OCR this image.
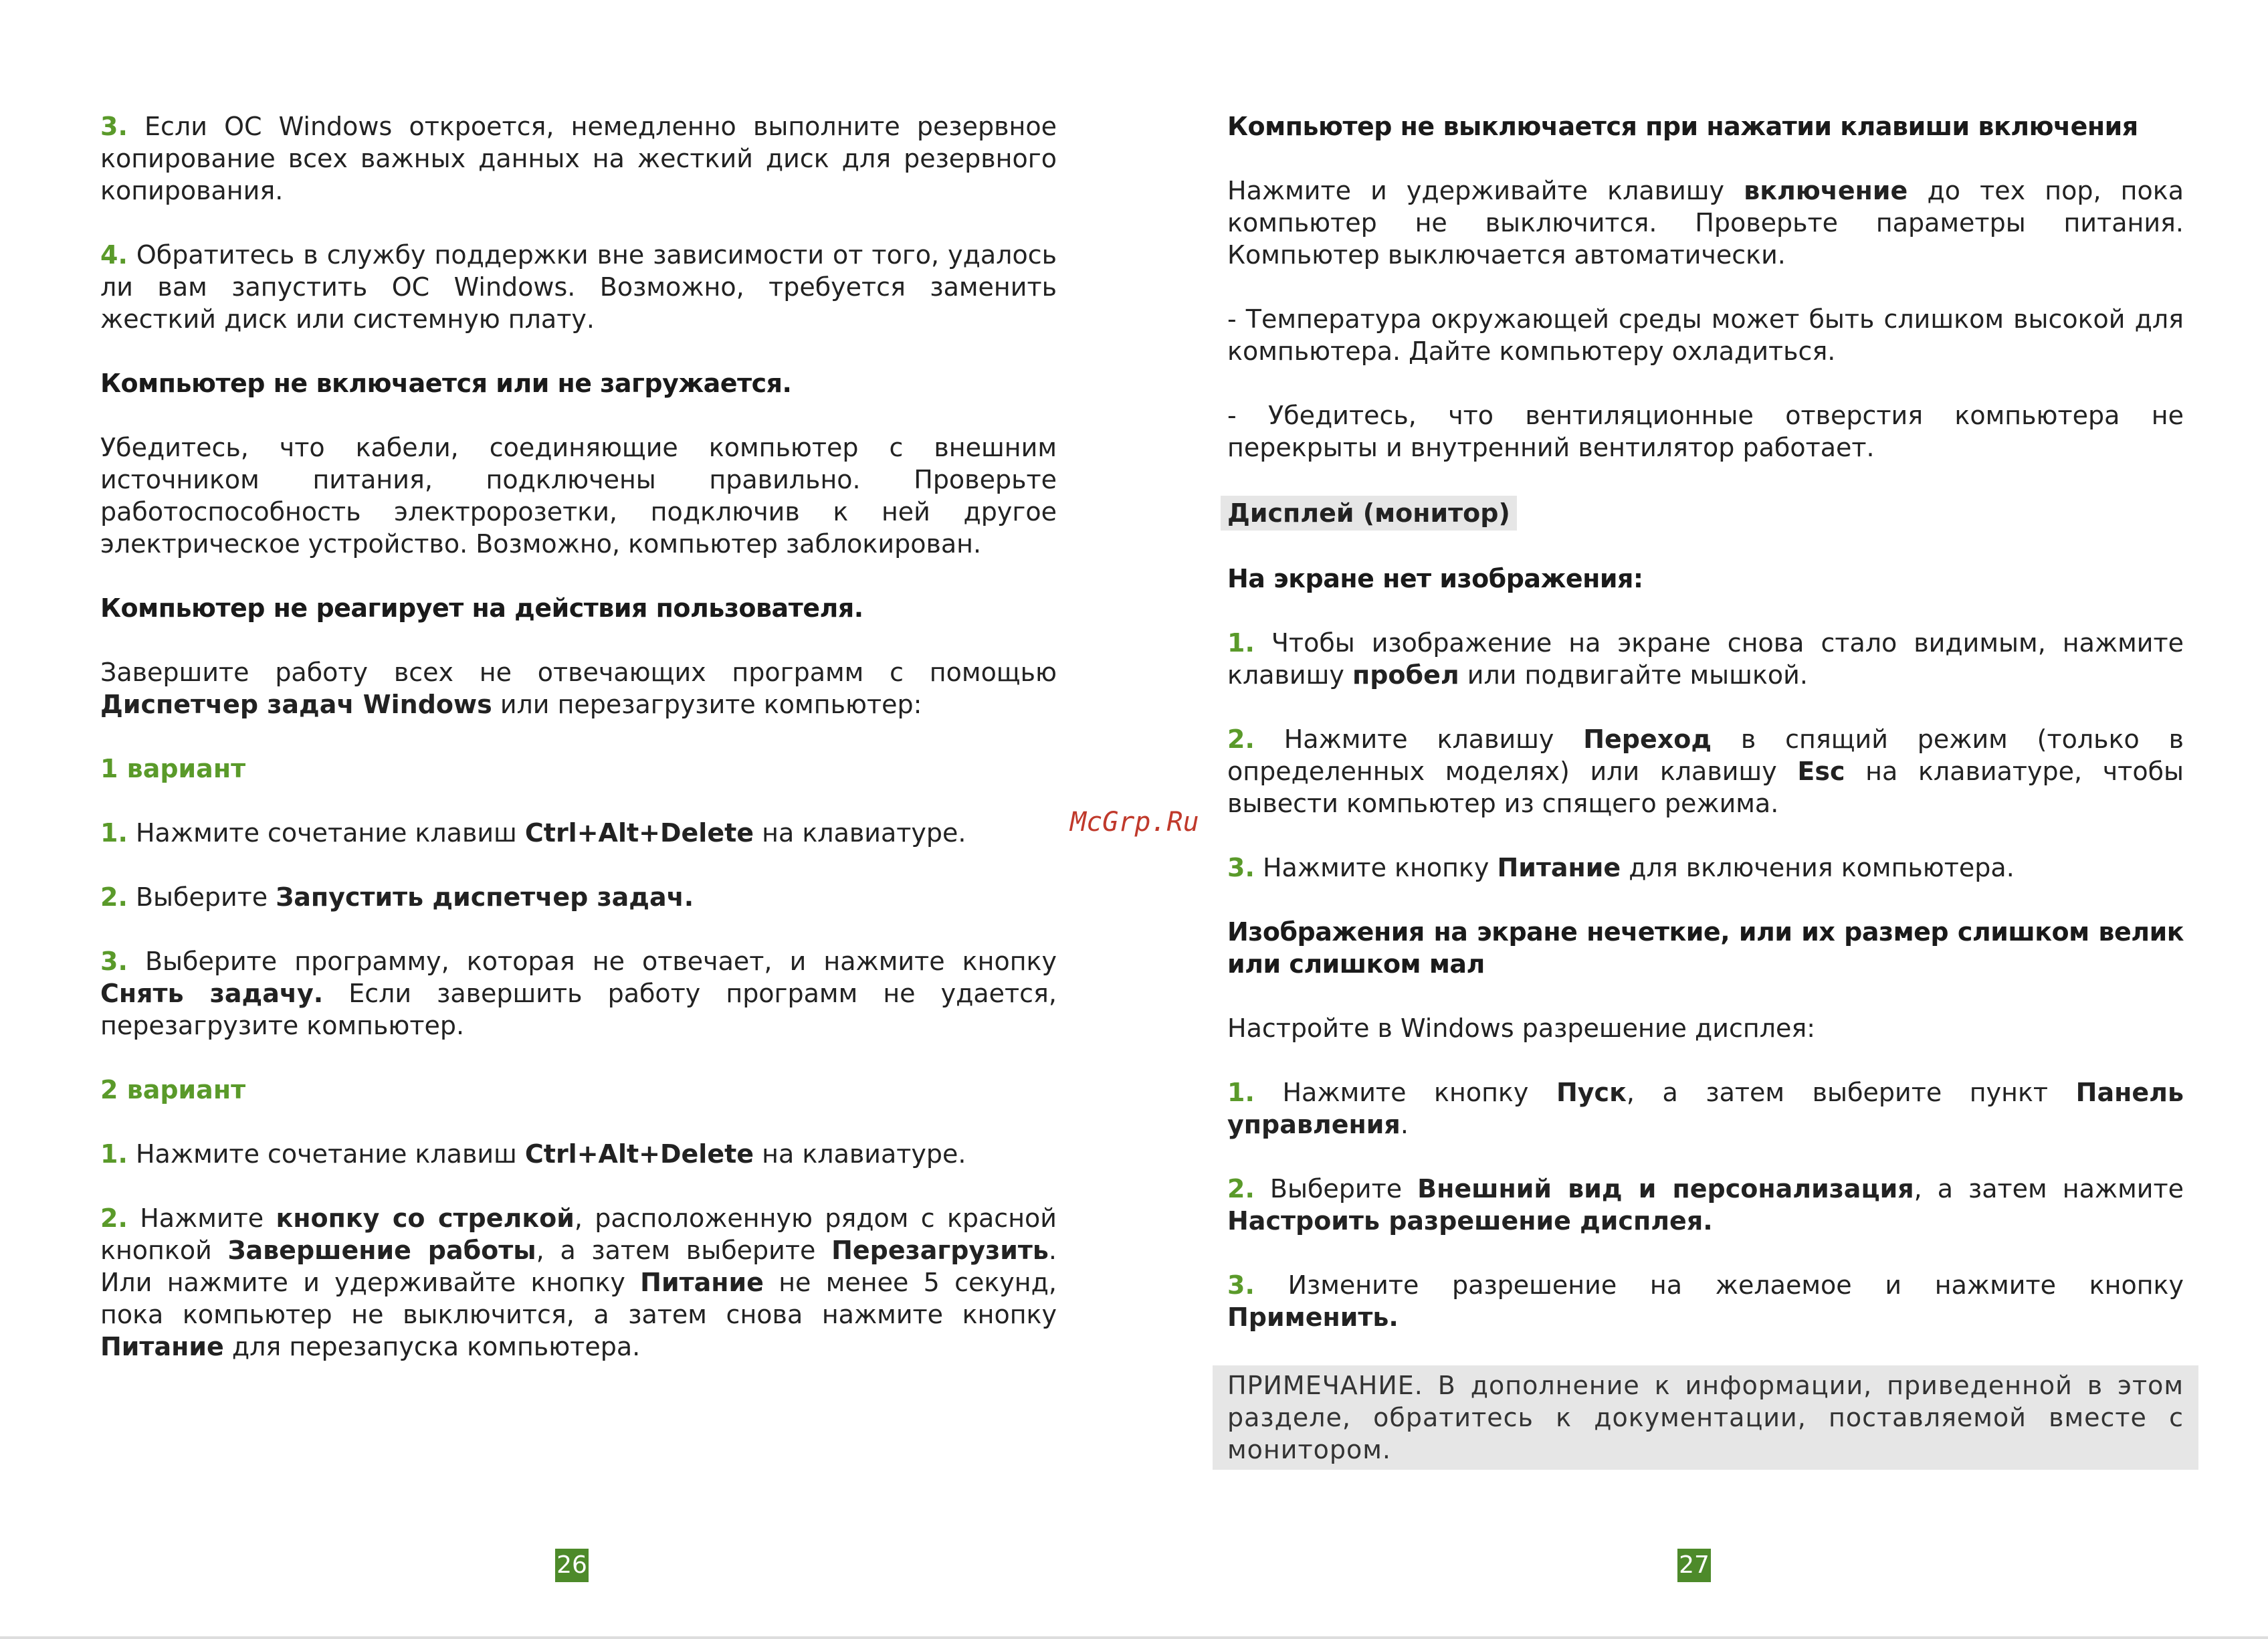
3. Если ОС Windows откроется, немедленно выполните резервное копирование всех важных данных на жесткий диск для резервного копирования.

4. Обратитесь в службу поддержки вне зависимости от того, удалось ли вам запустить ОС Windows. Возможно, требуется заменить жесткий диск или системную плату.

Компьютер не включается или не загружается.

Убедитесь, что кабели, соединяющие компьютер с внешним источником питания, подключены правильно. Проверьте работоспособность электророзетки, подключив к ней другое электрическое устройство. Возможно, компьютер заблокирован.

Компьютер не реагирует на действия пользователя.

Завершите работу всех не отвечающих программ с помощью Диспетчер задач Windows или перезагрузите компьютер:

1 вариант

1. Нажмите сочетание клавиш Ctrl+Alt+Delete на клавиатуре.

2. Выберите Запустить диспетчер задач.

3. Выберите программу, которая не отвечает, и нажмите кнопку Снять задачу. Если завершить работу программ не удается, перезагрузите компьютер.

2 вариант

1. Нажмите сочетание клавиш Ctrl+Alt+Delete на клавиатуре.

2. Нажмите кнопку со стрелкой, расположенную рядом с красной кнопкой Завершение работы, а затем выберите Перезагрузить. Или нажмите и удерживайте кнопку Питание не менее 5 секунд, пока компьютер не выключится, а затем снова нажмите кнопку Питание для перезапуска компьютера.

Компьютер не выключается при нажатии клавиши включения

Нажмите и удерживайте клавишу включение до тех пор, пока компьютер не выключится. Проверьте параметры питания. Компьютер выключается автоматически.

- Температура окружающей среды может быть слишком высокой для компьютера. Дайте компьютеру охладиться.

- Убедитесь, что вентиляционные отверстия компьютера не перекрыты и внутренний вентилятор работает.

Дисплей (монитор)

На экране нет изображения:

1. Чтобы изображение на экране снова стало видимым, нажмите клавишу пробел или подвигайте мышкой.

2. Нажмите клавишу Переход в спящий режим (только в определенных моделях) или клавишу Esc на клавиатуре, чтобы вывести компьютер из спящего режима.

3. Нажмите кнопку Питание для включения компьютера.

Изображения на экране нечеткие, или их размер слишком велик или слишком мал

Настройте в Windows разрешение дисплея:

1. Нажмите кнопку Пуск, а затем выберите пункт Панель управления.

2. Выберите Внешний вид и персонализация, а затем нажмите Настроить разрешение дисплея.

3. Измените разрешение на желаемое и нажмите кнопку Применить.

ПРИМЕЧАНИЕ. В дополнение к информации, приведенной в этом разделе, обратитесь к документации, поставляемой вместе с монитором.

McGrp.Ru
26	27
